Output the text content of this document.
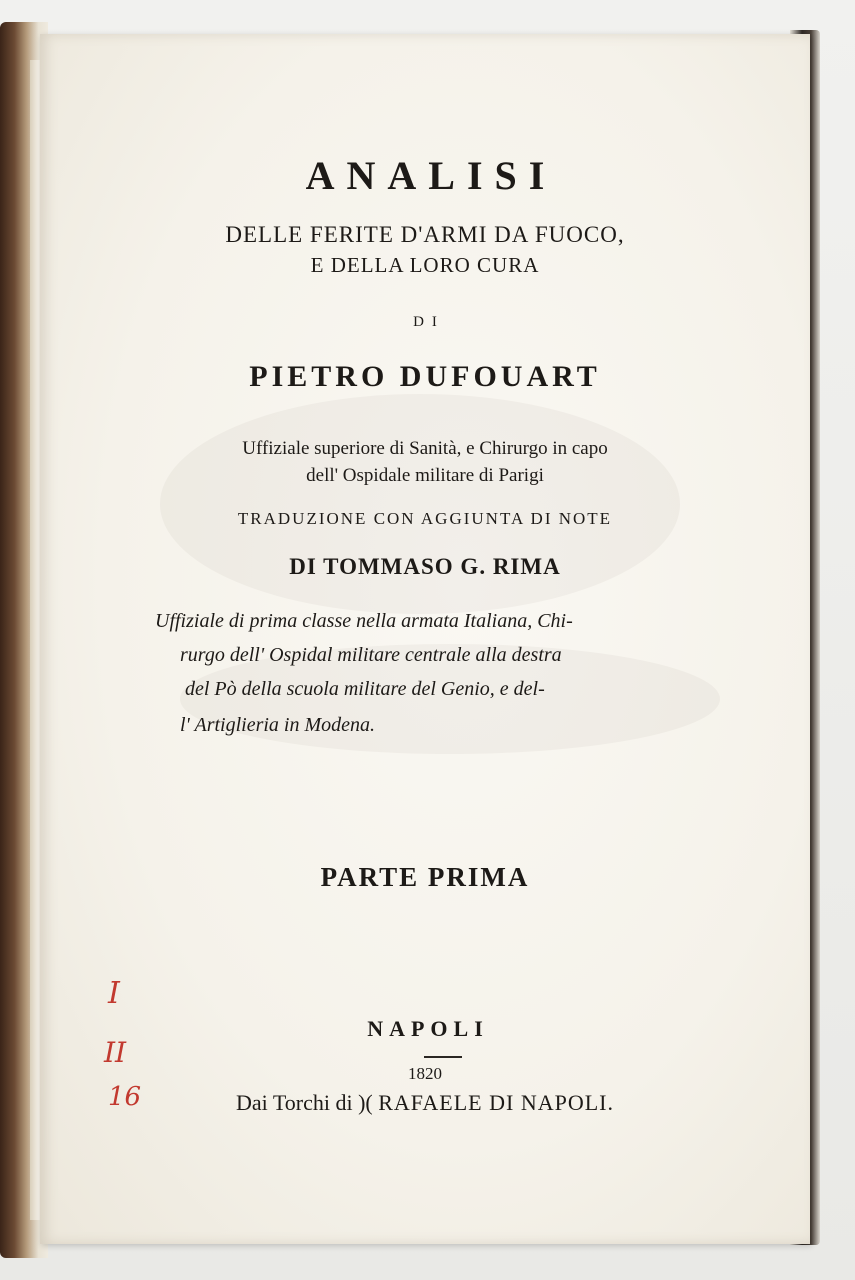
ANALISI

DELLE FERITE D'ARMI DA FUOCO,

E DELLA LORO CURA

DI

PIETRO DUFOUART

Uffiziale superiore di Sanità, e Chirurgo in capo

dell' Ospidale militare di Parigi

TRADUZIONE CON AGGIUNTA DI NOTE

DI TOMMASO G. RIMA

Uffiziale di prima classe nella armata Italiana, Chi-

rurgo dell' Ospidal militare centrale alla destra

del Pò della scuola militare del Genio, e del-

l' Artiglieria in Modena.

PARTE PRIMA

NAPOLI

1820

Dai Torchi di )( RAFAELE DI NAPOLI.

I
II
16
